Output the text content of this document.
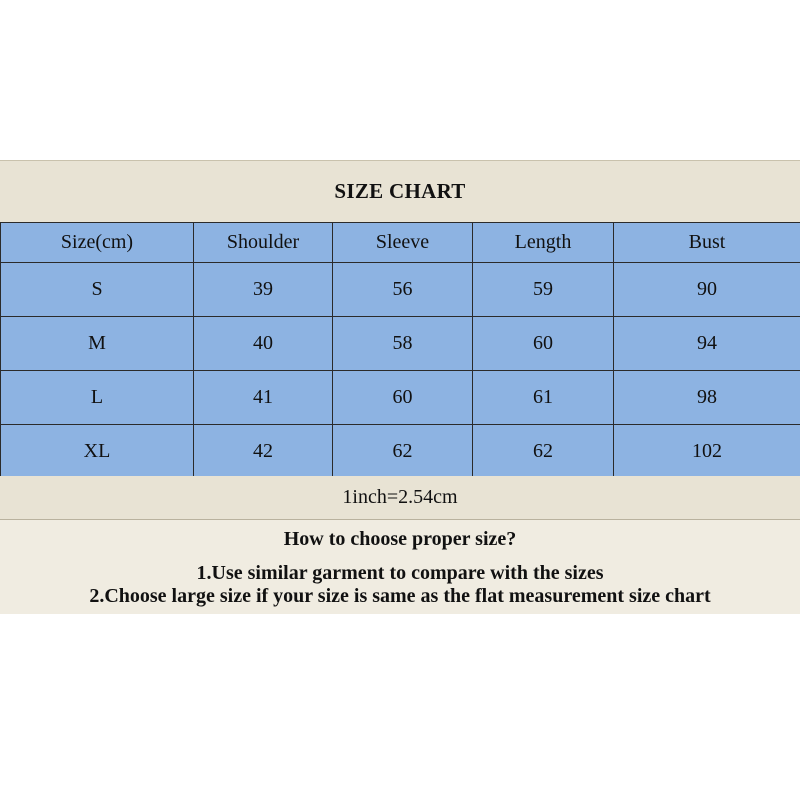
SIZE CHART
Size(cm)	Shoulder	Sleeve	Length	Bust
S	39	56	59	90
M	40	58	60	94
L	41	60	61	98
XL	42	62	62	102
1inch=2.54cm
How to choose proper size?
1.Use similar garment to compare with the sizes
2.Choose large size if your size is same as the flat measurement size chart
